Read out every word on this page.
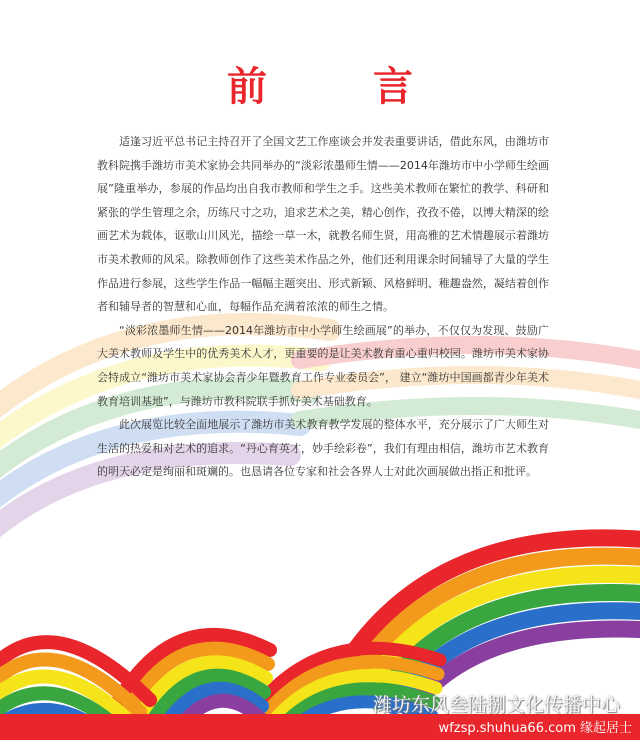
前 言

适逢习近平总书记主持召开了全国文艺工作座谈会并发表重要讲话，借此东风，由潍坊市教科院携手潍坊市美术家协会共同举办的“淡彩浓墨师生情——2014年潍坊市中小学师生绘画展”隆重举办，参展的作品均出自我市教师和学生之手。这些美术教师在繁忙的教学、科研和紧张的学生管理之余，历练尺寸之功，追求艺术之美，精心创作，孜孜不倦，以博大精深的绘画艺术为载体，讴歌山川风光，描绘一草一木，就教名师生贤，用高雅的艺术情趣展示着潍坊市美术教师的风采。除教师创作了这些美术作品之外，他们还利用课余时间辅导了大量的学生作品进行参展，这些学生作品一幅幅主题突出、形式新颖、风格鲜明、稚趣盎然，凝结着创作者和辅导者的智慧和心血，每幅作品充满着浓浓的师生之情。

“淡彩浓墨师生情——2014年潍坊市中小学师生绘画展”的举办，不仅仅为发现、鼓励广大美术教师及学生中的优秀美术人才，更重要的是让美术教育重心重归校园。潍坊市美术家协会特成立“潍坊市美术家协会青少年暨教育工作专业委员会”， 建立“潍坊中国画都青少年美术教育培训基地”，与潍坊市教科院联手抓好美术基础教育。

此次展览比较全面地展示了潍坊市美术教育教学发展的整体水平，充分展示了广大师生对生活的热爱和对艺术的追求。“丹心育英才，妙手绘彩卷”，我们有理由相信，潍坊市艺术教育的明天必定是绚丽和斑斓的。也恳请各位专家和社会各界人士对此次画展做出指正和批评。

潍坊东风叁陆捌文化传播中心
wfzsp.shuhua66.com 缘起居士
